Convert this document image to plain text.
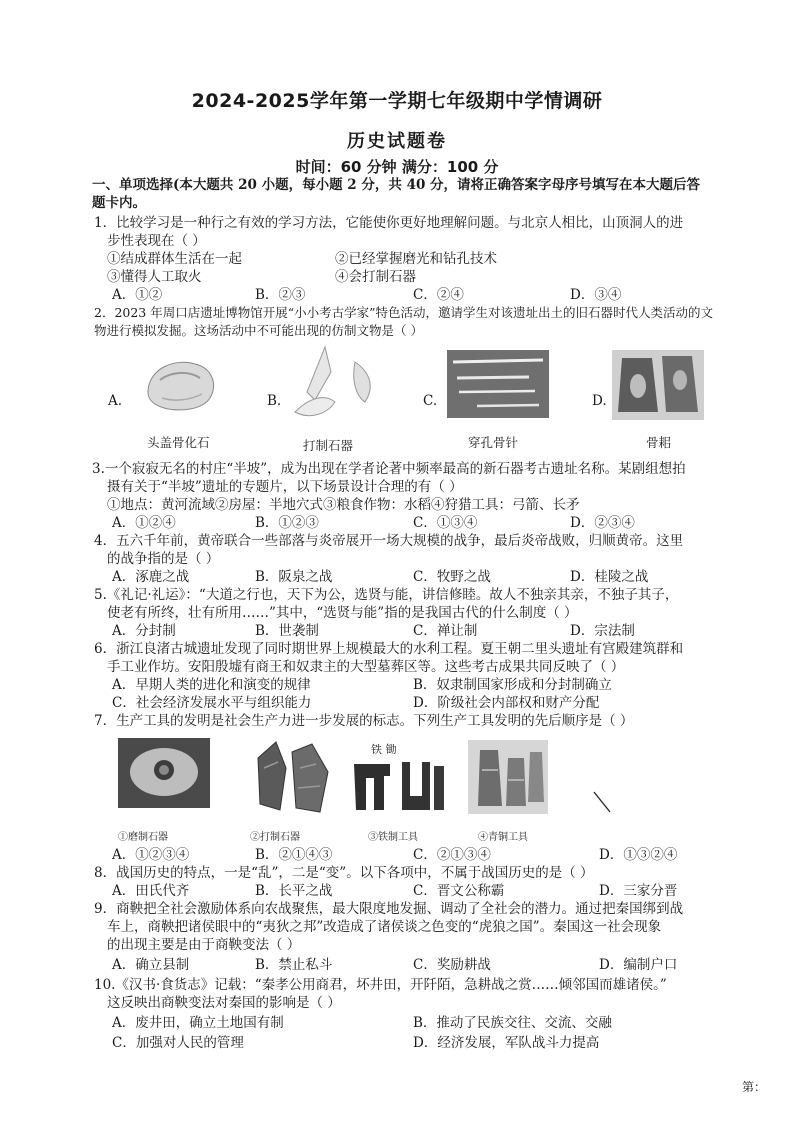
2024-2025学年第一学期七年级期中学情调研
历史试题卷
时间：60 分钟 满分：100 分
一、单项选择(本大题共 20 小题，每小题 2 分，共 40 分，请将正确答案字母序号填写在本大题后答
题卡内。
1．比较学习是一种行之有效的学习方法，它能使你更好地理解问题。与北京人相比，山顶洞人的进
步性表现在（ ）
①结成群体生活在一起	②已经掌握磨光和钻孔技术
③懂得人工取火	④会打制石器
A．①②	B．②③	C．②④	D．③④
2．2023 年周口店遗址博物馆开展“小小考古学家”特色活动，邀请学生对该遗址出土的旧石器时代人类活动的文
物进行模拟发掘。这场活动中不可能出现的仿制文物是（ ）
A.
头盖骨化石
B.
打制石器
C.
穿孔骨针
D.
骨耜
3.一个寂寂无名的村庄“半坡”，成为出现在学者论著中频率最高的新石器考古遗址名称。某剧组想拍
摄有关于“半坡”遗址的专题片，以下场景设计合理的有（ ）
①地点：黄河流域②房屋：半地穴式③粮食作物：水稻④狩猎工具：弓箭、长矛
A．①②④	B．①②③	C．①③④	D．②③④
4．五六千年前，黄帝联合一些部落与炎帝展开一场大规模的战争，最后炎帝战败，归顺黄帝。这里
的战争指的是（ ）
A．涿鹿之战	B．阪泉之战	C．牧野之战	D．桂陵之战
5.《礼记·礼运》：“大道之行也，天下为公，选贤与能，讲信修睦。故人不独亲其亲，不独子其子，
使老有所终，壮有所用……”其中，“选贤与能”指的是我国古代的什么制度（ ）
A．分封制	B．世袭制	C．禅让制	D．宗法制
6．浙江良渚古城遗址发现了同时期世界上规模最大的水利工程。夏王朝二里头遗址有宫殿建筑群和
手工业作坊。安阳殷墟有商王和奴隶主的大型墓葬区等。这些考古成果共同反映了（ ）
A．早期人类的进化和演变的规律	B．奴隶制国家形成和分封制确立
C．社会经济发展水平与组织能力	D．阶级社会内部权和财产分配
7．生产工具的发明是社会生产力进一步发展的标志。下列生产工具发明的先后顺序是（ ）
①磨制石器	②打制石器
铁 锄
③铁制工具	④青铜工具
A．①②③④	B．②①④③	C．②①③④	D．①③②④
8．战国历史的特点，一是“乱”，二是“变”。以下各项中，不属于战国历史的是（ ）
A．田氏代齐	B．长平之战	C．晋文公称霸	D．三家分晋
9．商鞅把全社会激励体系向农战聚焦，最大限度地发掘、调动了全社会的潜力。通过把秦国绑到战
车上，商鞅把诸侯眼中的“夷狄之邦”改造成了诸侯谈之色变的“虎狼之国”。秦国这一社会现象
的出现主要是由于商鞅变法（ ）
A．确立县制	B．禁止私斗	C．奖励耕战	D．编制户口
10.《汉书·食货志》记载：“秦孝公用商君，坏井田，开阡陌，急耕战之赏……倾邻国而雄诸侯。”
这反映出商鞅变法对秦国的影响是（ ）
A．废井田，确立土地国有制	B．推动了民族交往、交流、交融
C．加强对人民的管理	D．经济发展，军队战斗力提高
第：
